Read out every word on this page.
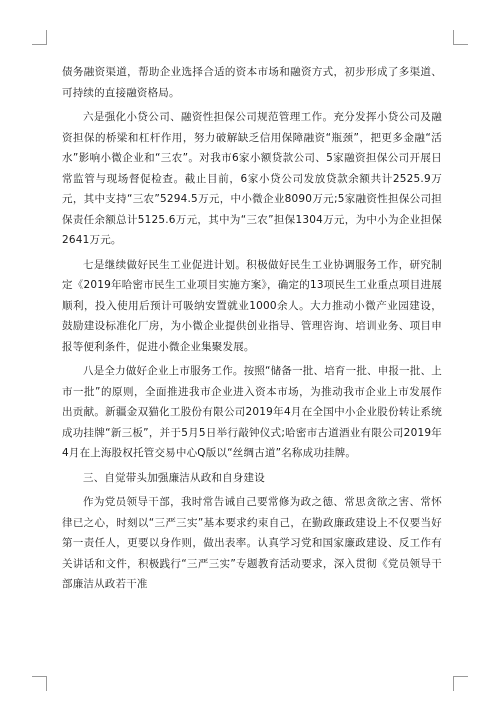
债务融资渠道，帮助企业选择合适的资本市场和融资方式，初步形成了多渠道、可持续的直接融资格局。

六是强化小贷公司、融资性担保公司规范管理工作。充分发挥小贷公司及融资担保的桥梁和杠杆作用，努力破解缺乏信用保障融资“瓶颈”，把更多金融“活水”影响小微企业和“三农”。对我市6家小额贷款公司、5家融资担保公司开展日常监管与现场督促检查。截止目前，6家小贷公司发放贷款余额共计2525.9万元，其中支持“三农”5294.5万元，中小微企业8090万元;5家融资性担保公司担保责任余额总计5125.6万元，其中为“三农”担保1304万元，为中小为企业担保2641万元。

七是继续做好民生工业促进计划。积极做好民生工业协调服务工作，研究制定《2019年哈密市民生工业项目实施方案》，确定的13项民生工业重点项目进展顺利，投入使用后预计可吸纳安置就业1000余人。大力推动小微产业园建设，鼓励建设标准化厂房，为小微企业提供创业指导、管理咨询、培训业务、项目申报等便利条件，促进小微企业集聚发展。

八是全力做好企业上市服务工作。按照“储备一批、培育一批、申报一批、上市一批”的原则，全面推进我市企业进入资本市场，为推动我市企业上市发展作出贡献。新疆金双猫化工股份有限公司2019年4月在全国中小企业股份转让系统成功挂牌“新三板”，并于5月5日举行敲钟仪式;哈密市古道酒业有限公司2019年4月在上海股权托管交易中心Q版以“丝绸古道”名称成功挂牌。

三、自觉带头加强廉洁从政和自身建设

作为党员领导干部，我时常告诫自己要常修为政之德、常思贪欲之害、常怀律已之心，时刻以“三严三实”基本要求约束自己，在勤政廉政建设上不仅要当好第一责任人，更要以身作则，做出表率。认真学习党和国家廉政建设、反工作有关讲话和文件，积极践行“三严三实”专题教育活动要求，深入贯彻《党员领导干部廉洁从政若干准
